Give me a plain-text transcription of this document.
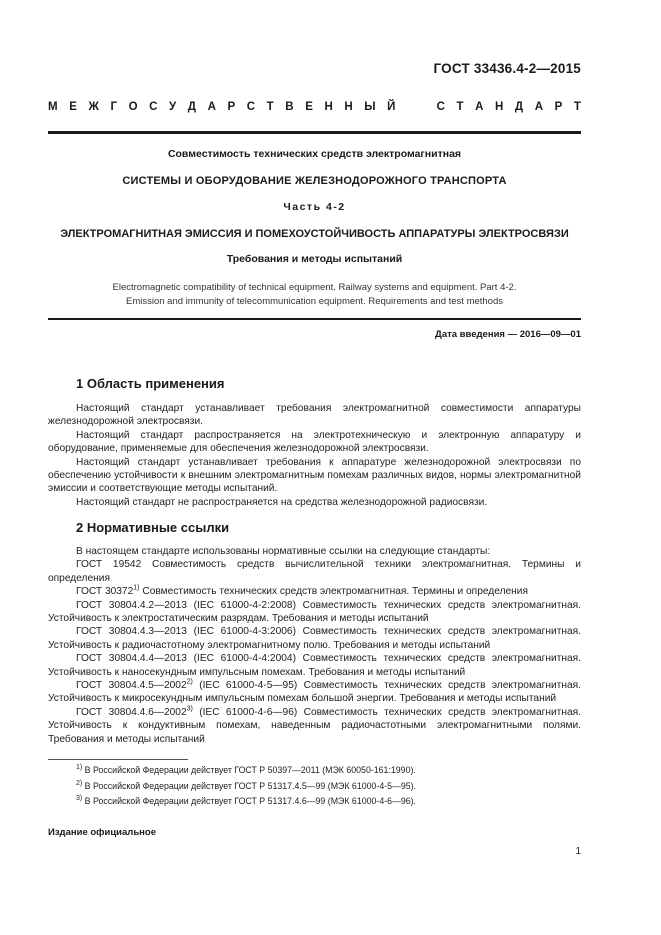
ГОСТ 33436.4-2—2015
М Е Ж Г О С У Д А Р С Т В Е Н Н Ы Й	С Т А Н Д А Р Т
Совместимость технических средств электромагнитная
СИСТЕМЫ И ОБОРУДОВАНИЕ ЖЕЛЕЗНОДОРОЖНОГО ТРАНСПОРТА
Часть 4-2
ЭЛЕКТРОМАГНИТНАЯ ЭМИССИЯ И ПОМЕХОУСТОЙЧИВОСТЬ АППАРАТУРЫ ЭЛЕКТРОСВЯЗИ
Требования и методы испытаний
Electromagnetic compatibility of technical equipment. Railway systems and equipment. Part 4-2.
Emission and immunity of telecommunication equipment. Requirements and test methods
Дата введения — 2016—09—01
1 Область применения

Настоящий стандарт устанавливает требования электромагнитной совместимости аппаратуры железнодорожной электросвязи.

Настоящий стандарт распространяется на электротехническую и электронную аппаратуру и оборудование, применяемые для обеспечения железнодорожной электросвязи.

Настоящий стандарт устанавливает требования к аппаратуре железнодорожной электросвязи по обеспечению устойчивости к внешним электромагнитным помехам различных видов, нормы электромагнитной эмиссии и соответствующие методы испытаний.

Настоящий стандарт не распространяется на средства железнодорожной радиосвязи.

2 Нормативные ссылки

В настоящем стандарте использованы нормативные ссылки на следующие стандарты:

ГОСТ 19542 Совместимость средств вычислительной техники электромагнитная. Термины и определения

ГОСТ 30372$^{1)}$ Совместимость технических средств электромагнитная. Термины и определения

ГОСТ 30804.4.2—2013 (IEC 61000-4-2:2008) Совместимость технических средств электромагнитная. Устойчивость к электростатическим разрядам. Требования и методы испытаний

ГОСТ 30804.4.3—2013 (IEC 61000-4-3:2006) Совместимость технических средств электромагнитная. Устойчивость к радиочастотному электромагнитному полю. Требования и методы испытаний

ГОСТ 30804.4.4—2013 (IEC 61000-4-4:2004) Совместимость технических средств электромагнитная. Устойчивость к наносекундным импульсным помехам. Требования и методы испытаний

ГОСТ 30804.4.5—2002$^{2)}$ (IEC 61000-4-5—95) Совместимость технических средств электромагнитная. Устойчивость к микросекундным импульсным помехам большой энергии. Требования и методы испытаний

ГОСТ 30804.4.6—2002$^{3)}$ (IEC 61000-4-6—96) Совместимость технических средств электромагнитная. Устойчивость к кондуктивным помехам, наведенным радиочастотными электромагнитными полями. Требования и методы испытаний

$^{1)}$ В Российской Федерации действует ГОСТ Р 50397—2011 (МЭК 60050-161:1990).
$^{2)}$ В Российской Федерации действует ГОСТ Р 51317.4.5—99 (МЭК 61000-4-5—95).
$^{3)}$ В Российской Федерации действует ГОСТ Р 51317.4.6—99 (МЭК 61000-4-6—96).
Издание официальное
1
